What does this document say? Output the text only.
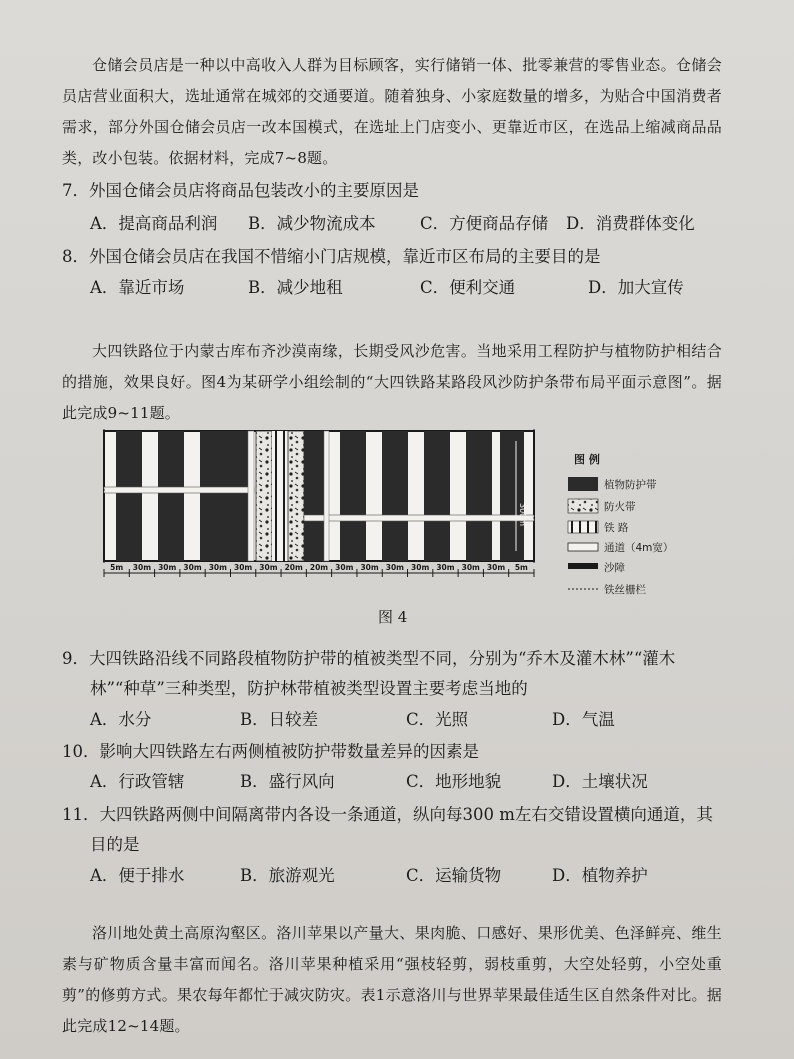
仓储会员店是一种以中高收入人群为目标顾客，实行储销一体、批零兼营的零售业态。仓储会员店营业面积大，选址通常在城郊的交通要道。随着独身、小家庭数量的增多，为贴合中国消费者需求，部分外国仓储会员店一改本国模式，在选址上门店变小、更靠近市区，在选品上缩减商品品类，改小包装。依据材料，完成7~8题。

7．外国仓储会员店将商品包装改小的主要原因是

A．提高商品利润 B．减少物流成本	C．方便商品存储 D．消费群体变化

8．外国仓储会员店在我国不惜缩小门店规模，靠近市区布局的主要目的是

A．靠近市场	B．减少地租	C．便利交通	D．加大宣传

大四铁路位于内蒙古库布齐沙漠南缘，长期受风沙危害。当地采用工程防护与植物防护相结合的措施，效果良好。图4为某研学小组绘制的“大四铁路某路段风沙防护条带布局平面示意图”。据此完成9~11题。

300m
5m 30m 30m 30m 30m 30m 30m 20m 20m 30m 30m 30m 30m 30m 30m 30m 5m
图 例
植物防护带
防火带
铁 路
通道（4m宽）
沙障
铁丝栅栏
图 4

9．大四铁路沿线不同路段植物防护带的植被类型不同，分别为“乔木及灌木林”“灌木

林”“种草”三种类型，防护林带植被类型设置主要考虑当地的

A．水分	B．日较差	C．光照	D．气温

10．影响大四铁路左右两侧植被防护带数量差异的因素是

A．行政管辖	B．盛行风向	C．地形地貌	D．土壤状况

11．大四铁路两侧中间隔离带内各设一条通道，纵向每300 m左右交错设置横向通道，其

目的是

A．便于排水	B．旅游观光	C．运输货物	D．植物养护

洛川地处黄土高原沟壑区。洛川苹果以产量大、果肉脆、口感好、果形优美、色泽鲜亮、维生素与矿物质含量丰富而闻名。洛川苹果种植采用“强枝轻剪，弱枝重剪，大空处轻剪，小空处重剪”的修剪方式。果农每年都忙于减灾防灾。表1示意洛川与世界苹果最佳适生区自然条件对比。据此完成12~14题。
